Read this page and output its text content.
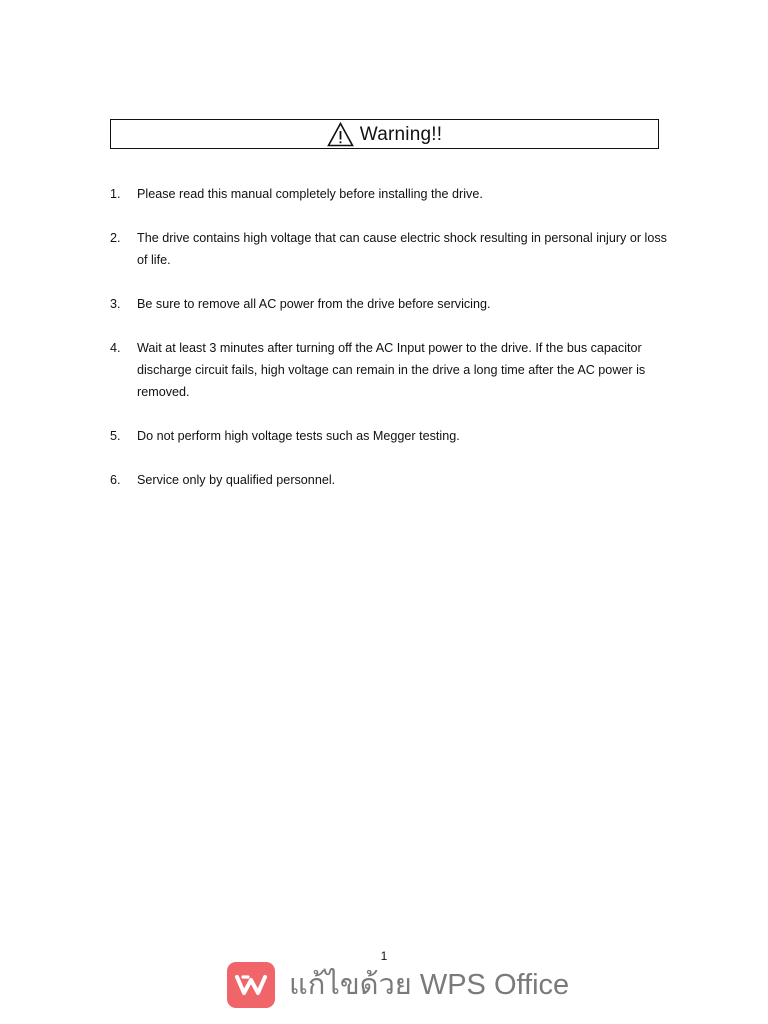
Warning!!
1. Please read this manual completely before installing the drive.
2. The drive contains high voltage that can cause electric shock resulting in personal injury or loss of life.
3. Be sure to remove all AC power from the drive before servicing.
4. Wait at least 3 minutes after turning off the AC Input power to the drive. If the bus capacitor discharge circuit fails, high voltage can remain in the drive a long time after the AC power is removed.
5. Do not perform high voltage tests such as Megger testing.
6. Service only by qualified personnel.
1
แก้ไขด้วย WPS Office
